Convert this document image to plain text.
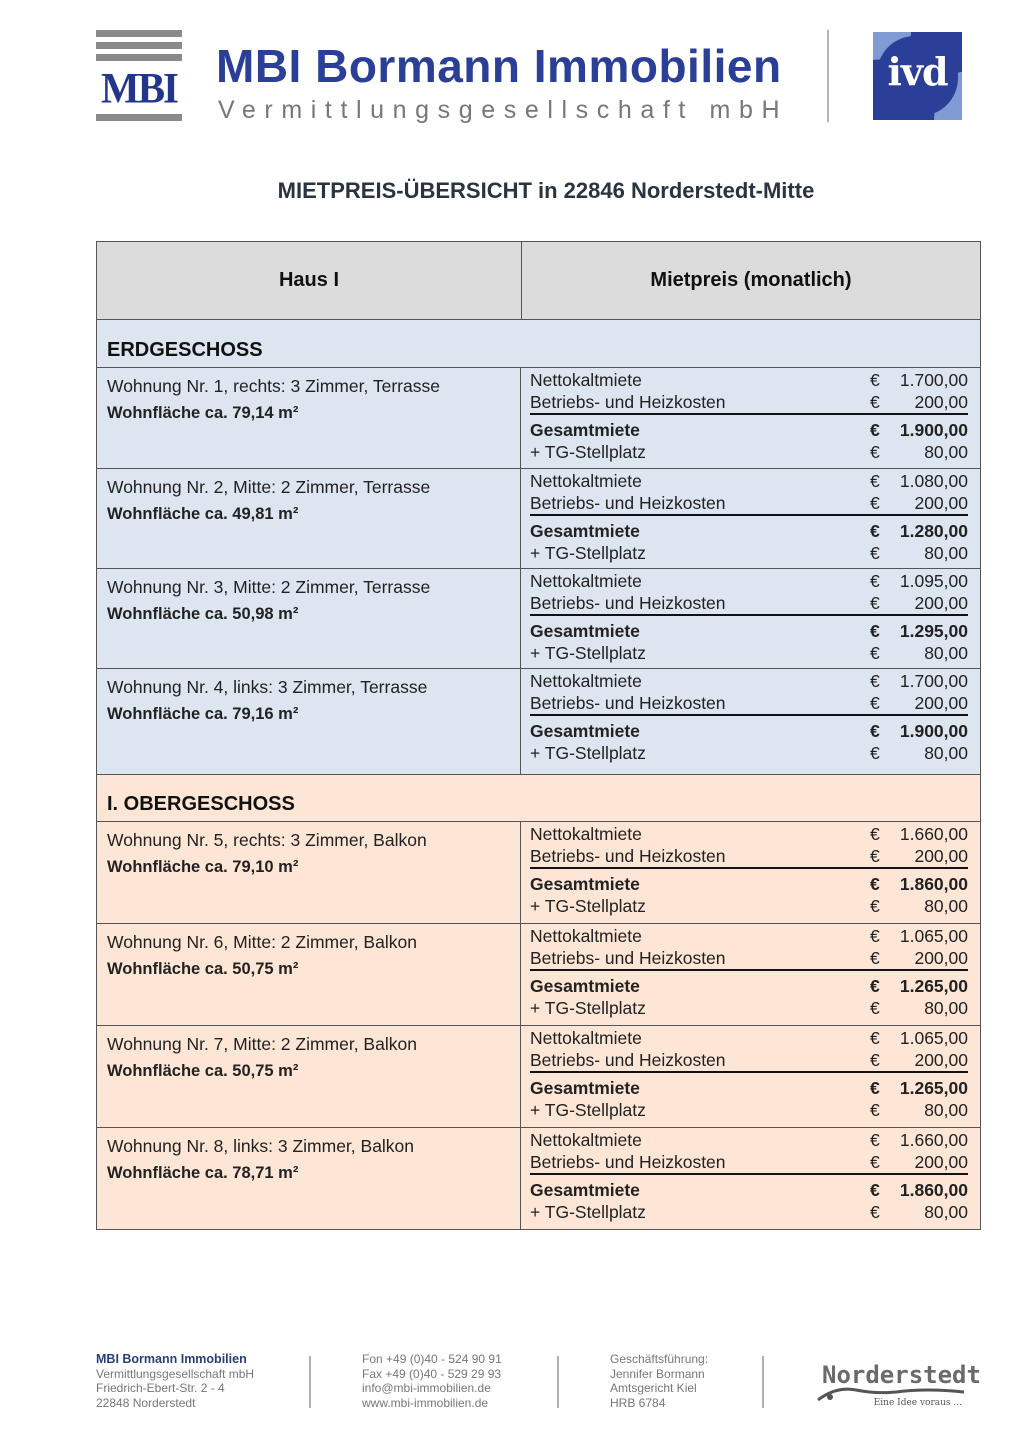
MBI MBI Bormann Immobilien
Vermittlungsgesellschaft mbH
ivd
MIETPREIS-ÜBERSICHT in 22846 Norderstedt-Mitte
Haus I	Mietpreis (monatlich)
ERDGESCHOSS
Wohnung Nr. 1, rechts: 3 Zimmer, Terrasse
Wohnfläche ca. 79,14 m²
Nettokaltmiete	€	1.700,00
Betriebs- und Heizkosten	€	200,00
Gesamtmiete	€	1.900,00
+ TG-Stellplatz	€	80,00
Wohnung Nr. 2, Mitte: 2 Zimmer, Terrasse
Wohnfläche ca. 49,81 m²
Nettokaltmiete	€	1.080,00
Betriebs- und Heizkosten	€	200,00
Gesamtmiete	€	1.280,00
+ TG-Stellplatz	€	80,00
Wohnung Nr. 3, Mitte: 2 Zimmer, Terrasse
Wohnfläche ca. 50,98 m²
Nettokaltmiete	€	1.095,00
Betriebs- und Heizkosten	€	200,00
Gesamtmiete	€	1.295,00
+ TG-Stellplatz	€	80,00
Wohnung Nr. 4, links: 3 Zimmer, Terrasse
Wohnfläche ca. 79,16 m²
Nettokaltmiete	€	1.700,00
Betriebs- und Heizkosten	€	200,00
Gesamtmiete	€	1.900,00
+ TG-Stellplatz	€	80,00
I. OBERGESCHOSS
Wohnung Nr. 5, rechts: 3 Zimmer, Balkon
Wohnfläche ca. 79,10 m²
Nettokaltmiete	€	1.660,00
Betriebs- und Heizkosten	€	200,00
Gesamtmiete	€	1.860,00
+ TG-Stellplatz	€	80,00
Wohnung Nr. 6, Mitte: 2 Zimmer, Balkon
Wohnfläche ca. 50,75 m²
Nettokaltmiete	€	1.065,00
Betriebs- und Heizkosten	€	200,00
Gesamtmiete	€	1.265,00
+ TG-Stellplatz	€	80,00
Wohnung Nr. 7, Mitte: 2 Zimmer, Balkon
Wohnfläche ca. 50,75 m²
Nettokaltmiete	€	1.065,00
Betriebs- und Heizkosten	€	200,00
Gesamtmiete	€	1.265,00
+ TG-Stellplatz	€	80,00
Wohnung Nr. 8, links: 3 Zimmer, Balkon
Wohnfläche ca. 78,71 m²
Nettokaltmiete	€	1.660,00
Betriebs- und Heizkosten	€	200,00
Gesamtmiete	€	1.860,00
+ TG-Stellplatz	€	80,00
MBI Bormann Immobilien
Vermittlungsgesellschaft mbH
Friedrich-Ebert-Str. 2 - 4
22848 Norderstedt
Fon +49 (0)40 - 524 90 91
Fax +49 (0)40 - 529 29 93
info@mbi-immobilien.de
www.mbi-immobilien.de
Geschäftsführung:
Jennifer Bormann
Amtsgericht Kiel
HRB 6784
Norderstedt
Eine Idee voraus ...
